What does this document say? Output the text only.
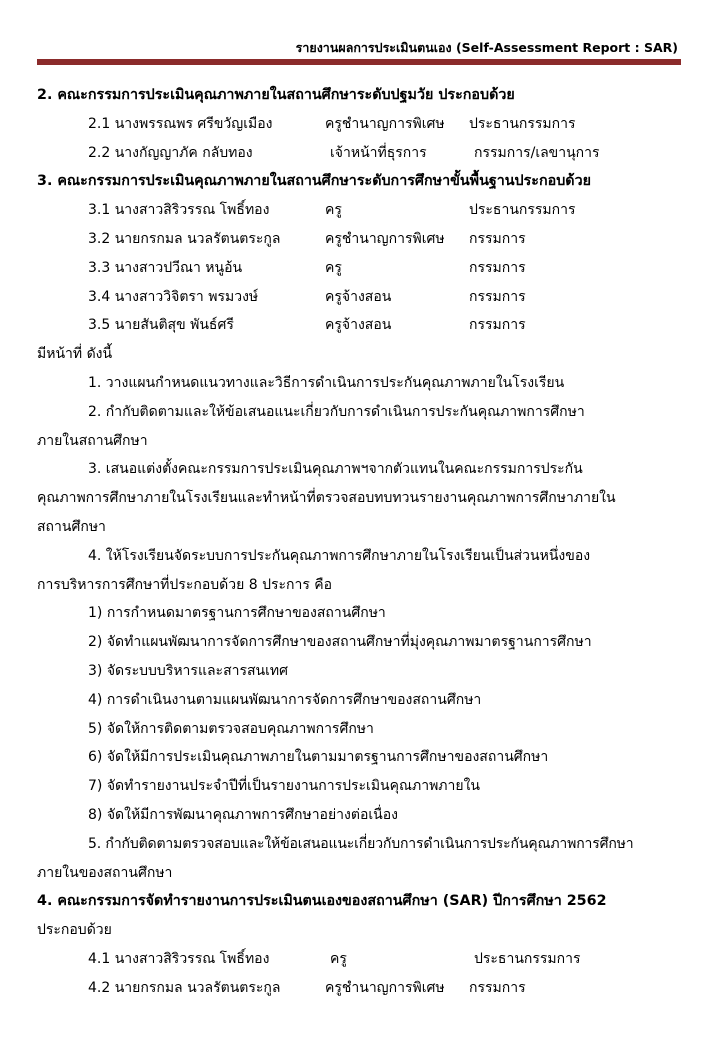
รายงานผลการประเมินตนเอง (Self-Assessment Report : SAR)
2. คณะกรรมการประเมินคุณภาพภายในสถานศึกษาระดับปฐมวัย ประกอบด้วย
2.1 นางพรรณพร ศรีขวัญเมือง	ครูชำนาญการพิเศษ ประธานกรรมการ
2.2 นางกัญญาภัค กลับทอง	เจ้าหน้าที่ธุรการ	กรรมการ/เลขานุการ
3. คณะกรรมการประเมินคุณภาพภายในสถานศึกษาระดับการศึกษาขั้นพื้นฐานประกอบด้วย
3.1 นางสาวสิริวรรณ โพธิ์ทอง	ครู	ประธานกรรมการ
3.2 นายกรกมล นวลรัตนตระกูล	ครูชำนาญการพิเศษ กรรมการ
3.3 นางสาวปวีณา หนูอ้น	ครู	กรรมการ
3.4 นางสาววิจิตรา พรมวงษ์	ครูจ้างสอน	กรรมการ
3.5 นายสันติสุข พันธ์ศรี	ครูจ้างสอน	กรรมการ
มีหน้าที่ ดังนี้
1. วางแผนกำหนดแนวทางและวิธีการดำเนินการประกันคุณภาพภายในโรงเรียน
2. กำกับติดตามและให้ข้อเสนอแนะเกี่ยวกับการดำเนินการประกันคุณภาพการศึกษา
ภายในสถานศึกษา
3. เสนอแต่งตั้งคณะกรรมการประเมินคุณภาพฯจากตัวแทนในคณะกรรมการประกัน
คุณภาพการศึกษาภายในโรงเรียนและทำหน้าที่ตรวจสอบทบทวนรายงานคุณภาพการศึกษาภายใน
สถานศึกษา
4. ให้โรงเรียนจัดระบบการประกันคุณภาพการศึกษาภายในโรงเรียนเป็นส่วนหนึ่งของ
การบริหารการศึกษาที่ประกอบด้วย 8 ประการ คือ
1) การกำหนดมาตรฐานการศึกษาของสถานศึกษา
2) จัดทำแผนพัฒนาการจัดการศึกษาของสถานศึกษาที่มุ่งคุณภาพมาตรฐานการศึกษา
3) จัดระบบบริหารและสารสนเทศ
4) การดำเนินงานตามแผนพัฒนาการจัดการศึกษาของสถานศึกษา
5) จัดให้การติดตามตรวจสอบคุณภาพการศึกษา
6) จัดให้มีการประเมินคุณภาพภายในตามมาตรฐานการศึกษาของสถานศึกษา
7) จัดทำรายงานประจำปีที่เป็นรายงานการประเมินคุณภาพภายใน
8) จัดให้มีการพัฒนาคุณภาพการศึกษาอย่างต่อเนื่อง
5. กำกับติดตามตรวจสอบและให้ข้อเสนอแนะเกี่ยวกับการดำเนินการประกันคุณภาพการศึกษา
ภายในของสถานศึกษา
4. คณะกรรมการจัดทำรายงานการประเมินตนเองของสถานศึกษา (SAR) ปีการศึกษา 2562
ประกอบด้วย
4.1 นางสาวสิริวรรณ โพธิ์ทอง	ครู	ประธานกรรมการ
4.2 นายกรกมล นวลรัตนตระกูล	ครูชำนาญการพิเศษ กรรมการ
